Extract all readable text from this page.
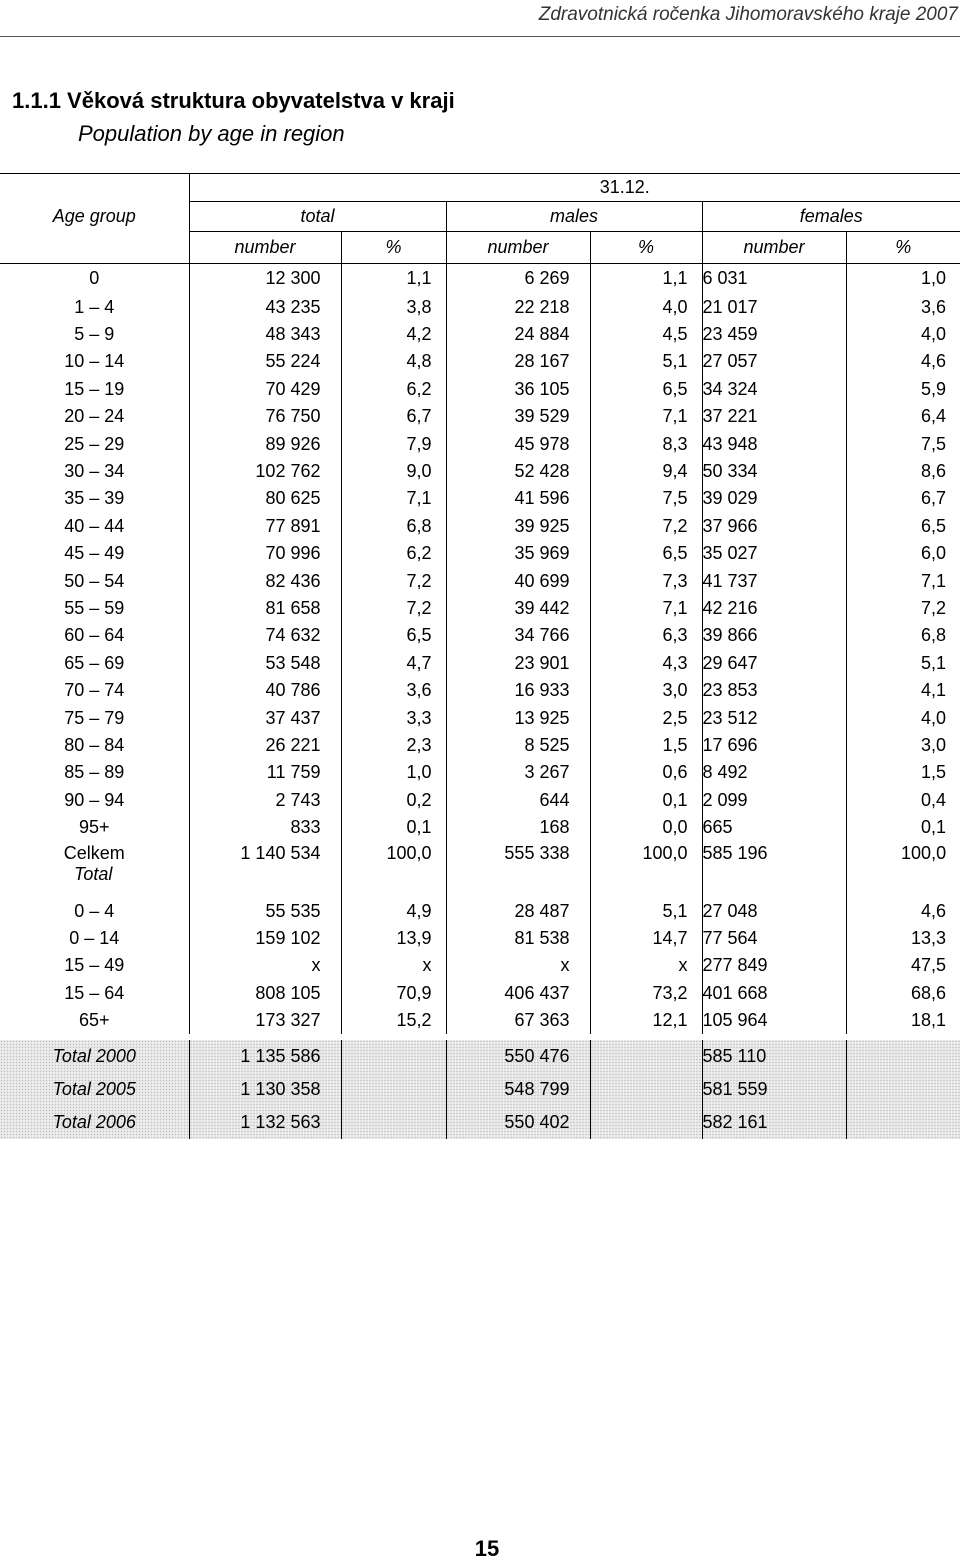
Zdravotnická ročenka Jihomoravského kraje 2007
1.1.1 Věková struktura obyvatelstva v kraji
Population by age in region
	31.12.					
Age group	total		males		females	
	number	%	number	%	number	%
0	12 300	1,1	6 269	1,1	6 031	1,0
1 – 4	43 235	3,8	22 218	4,0	21 017	3,6
5 – 9	48 343	4,2	24 884	4,5	23 459	4,0
10 – 14	55 224	4,8	28 167	5,1	27 057	4,6
15 – 19	70 429	6,2	36 105	6,5	34 324	5,9
20 – 24	76 750	6,7	39 529	7,1	37 221	6,4
25 – 29	89 926	7,9	45 978	8,3	43 948	7,5
30 – 34	102 762	9,0	52 428	9,4	50 334	8,6
35 – 39	80 625	7,1	41 596	7,5	39 029	6,7
40 – 44	77 891	6,8	39 925	7,2	37 966	6,5
45 – 49	70 996	6,2	35 969	6,5	35 027	6,0
50 – 54	82 436	7,2	40 699	7,3	41 737	7,1
55 – 59	81 658	7,2	39 442	7,1	42 216	7,2
60 – 64	74 632	6,5	34 766	6,3	39 866	6,8
65 – 69	53 548	4,7	23 901	4,3	29 647	5,1
70 – 74	40 786	3,6	16 933	3,0	23 853	4,1
75 – 79	37 437	3,3	13 925	2,5	23 512	4,0
80 – 84	26 221	2,3	8 525	1,5	17 696	3,0
85 – 89	11 759	1,0	3 267	0,6	8 492	1,5
90 – 94	2 743	0,2	644	0,1	2 099	0,4
95+	833	0,1	168	0,0	665	0,1

Celkem
Total	1 140 534	100,0	555 338	100,0	585 196	100,0
0 – 4	55 535	4,9	28 487	5,1	27 048	4,6
0 – 14	159 102	13,9	81 538	14,7	77 564	13,3
15 – 49	x	x	x	x	277 849	47,5
15 – 64	808 105	70,9	406 437	73,2	401 668	68,6
65+	173 327	15,2	67 363	12,1	105 964	18,1

Total 2000	1 135 586		550 476		585 110	
Total 2005	1 130 358		548 799		581 559	
Total 2006	1 132 563		550 402		582 161	
15
